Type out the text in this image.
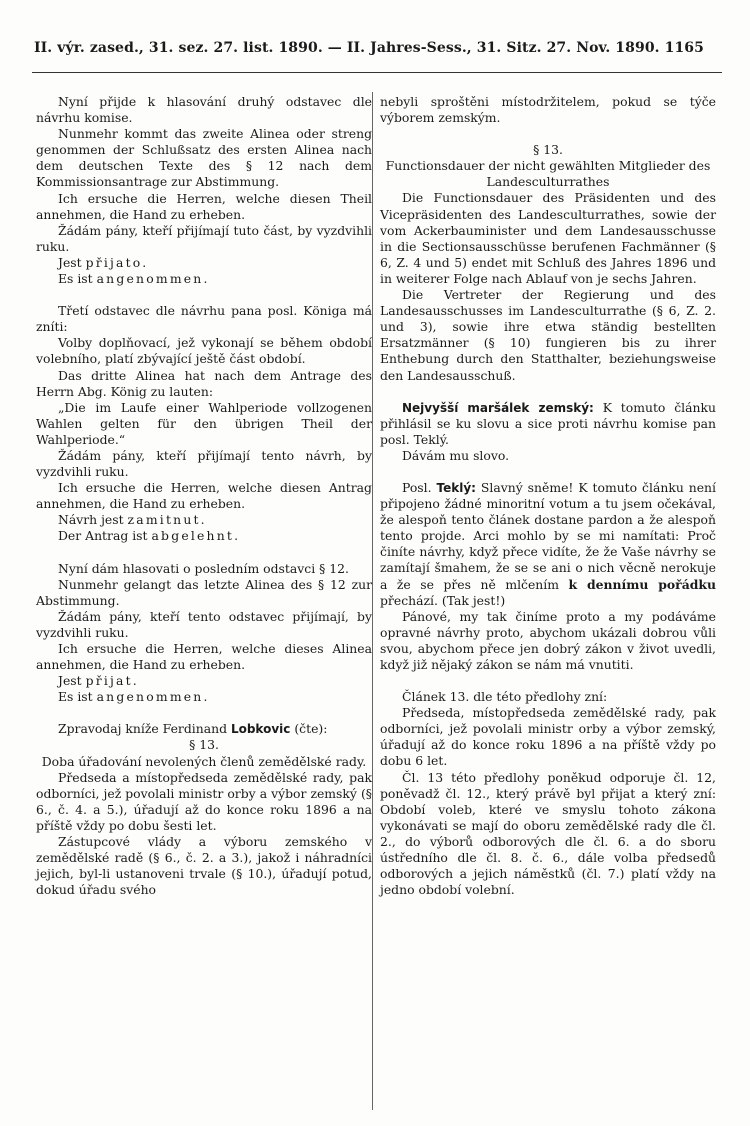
II. výr. zased., 31. sez. 27. list. 1890. — II. Jahres-Sess., 31. Sitz. 27. Nov. 1890. 1165

Nyní přijde k hlasování druhý odstavec dle návrhu komise.

Nunmehr kommt das zweite Alinea oder streng genommen der Schlußsatz des ersten Alinea nach dem deutschen Texte des § 12 nach dem Kommissionsantrage zur Abstimmung.

Ich ersuche die Herren, welche diesen Theil annehmen, die Hand zu erheben.

Žádám pány, kteří přijímají tuto část, by vyzdvihli ruku.

Jest přijato.

Es ist angenommen.

Třetí odstavec dle návrhu pana posl. Königa má zníti:

Volby doplňovací, jež vykonají se během období volebního, platí zbývající ještě část období.

Das dritte Alinea hat nach dem Antrage des Herrn Abg. König zu lauten:

„Die im Laufe einer Wahlperiode vollzogenen Wahlen gelten für den übrigen Theil der Wahlperiode.“

Žádám pány, kteří přijímají tento návrh, by vyzdvihli ruku.

Ich ersuche die Herren, welche diesen Antrag annehmen, die Hand zu erheben.

Návrh jest zamitnut.

Der Antrag ist abgelehnt.

Nyní dám hlasovati o posledním odstavci § 12.

Nunmehr gelangt das letzte Alinea des § 12 zur Abstimmung.

Žádám pány, kteří tento odstavec přijímají, by vyzdvihli ruku.

Ich ersuche die Herren, welche dieses Alinea annehmen, die Hand zu erheben.

Jest přijat.

Es ist angenommen.

Zpravodaj kníže Ferdinand Lobkovic (čte):

§ 13.

Doba úřadování nevolených členů zemědělské rady.

Předseda a místopředseda zemědělské rady, pak odborníci, jež povolali ministr orby a výbor zemský (§ 6., č. 4. a 5.), úřadují až do konce roku 1896 a na příště vždy po dobu šesti let.

Zástupcové vlády a výboru zemského v zemědělské radě (§ 6., č. 2. a 3.), jakož i náhradníci jejich, byl-li ustanoveni trvale (§ 10.), úřadují potud, dokud úřadu svého

nebyli sproštěni místodržitelem, pokud se týče výborem zemským.

§ 13.

Functionsdauer der nicht gewählten Mitglieder des Landesculturrathes

Die Functionsdauer des Präsidenten und des Vicepräsidenten des Landesculturrathes, sowie der vom Ackerbauminister und dem Landesausschusse in die Sectionsausschüsse berufenen Fachmänner (§ 6, Z. 4 und 5) endet mit Schluß des Jahres 1896 und in weiterer Folge nach Ablauf von je sechs Jahren.

Die Vertreter der Regierung und des Landesausschusses im Landesculturrathe (§ 6, Z. 2. und 3), sowie ihre etwa ständig bestellten Ersatzmänner (§ 10) fungieren bis zu ihrer Enthebung durch den Statthalter, beziehungsweise den Landesausschuß.

Nejvyšší maršálek zemský: K tomuto článku přihlásil se ku slovu a sice proti návrhu komise pan posl. Teklý.

Dávám mu slovo.

Posl. Teklý: Slavný sněme! K tomuto článku není připojeno žádné minoritní votum a tu jsem očekával, že alespoň tento článek dostane pardon a že alespoň tento projde. Arci mohlo by se mi namítati: Proč činíte návrhy, když přece vidíte, že že Vaše návrhy se zamítají šmahem, že se se ani o nich věcně nerokuje a že se přes ně mlčením k dennímu pořádku přechází. (Tak jest!)

Pánové, my tak činíme proto a my podáváme opravné návrhy proto, abychom ukázali dobrou vůli svou, abychom přece jen dobrý zákon v život uvedli, když již nějaký zákon se nám má vnutiti.

Článek 13. dle této předlohy zní:

Předseda, místopředseda zemědělské rady, pak odborníci, jež povolali ministr orby a výbor zemský, úřadují až do konce roku 1896 a na příště vždy po dobu 6 let.

Čl. 13 této předlohy poněkud odporuje čl. 12, poněvadž čl. 12., který právě byl přijat a který zní: Období voleb, které ve smyslu tohoto zákona vykonávati se mají do oboru zemědělské rady dle čl. 2., do výborů odborových dle čl. 6. a do sboru ústředního dle čl. 8. č. 6., dále volba předsedů odborových a jejich náměstků (čl. 7.) platí vždy na jedno období volební.
